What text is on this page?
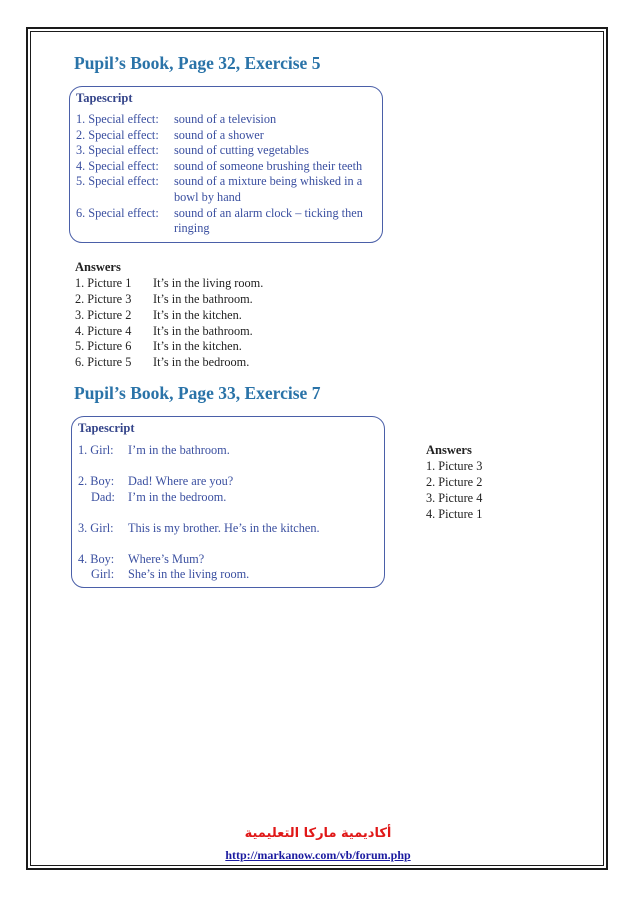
Pupil’s Book, Page 32, Exercise 5
Tapescript
1. Special effect: sound of a television
2. Special effect: sound of a shower
3. Special effect: sound of cutting vegetables
4. Special effect: sound of someone brushing their teeth
5. Special effect: sound of a mixture being whisked in a
bowl by hand
6. Special effect: sound of an alarm clock – ticking then
ringing
Answers
1. Picture 1 It’s in the living room.
2. Picture 3 It’s in the bathroom.
3. Picture 2 It’s in the kitchen.
4. Picture 4 It’s in the bathroom.
5. Picture 6 It’s in the kitchen.
6. Picture 5 It’s in the bedroom.
Pupil’s Book, Page 33, Exercise 7
Tapescript
1. Girl: I’m in the bathroom.
2. Boy: Dad! Where are you?
Dad: I’m in the bedroom.
3. Girl: This is my brother. He’s in the kitchen.
4. Boy: Where’s Mum?
Girl: She’s in the living room.
Answers
1. Picture 3
2. Picture 2
3. Picture 4
4. Picture 1
أكاديمية ماركا التعليمية
http://markanow.com/vb/forum.php
